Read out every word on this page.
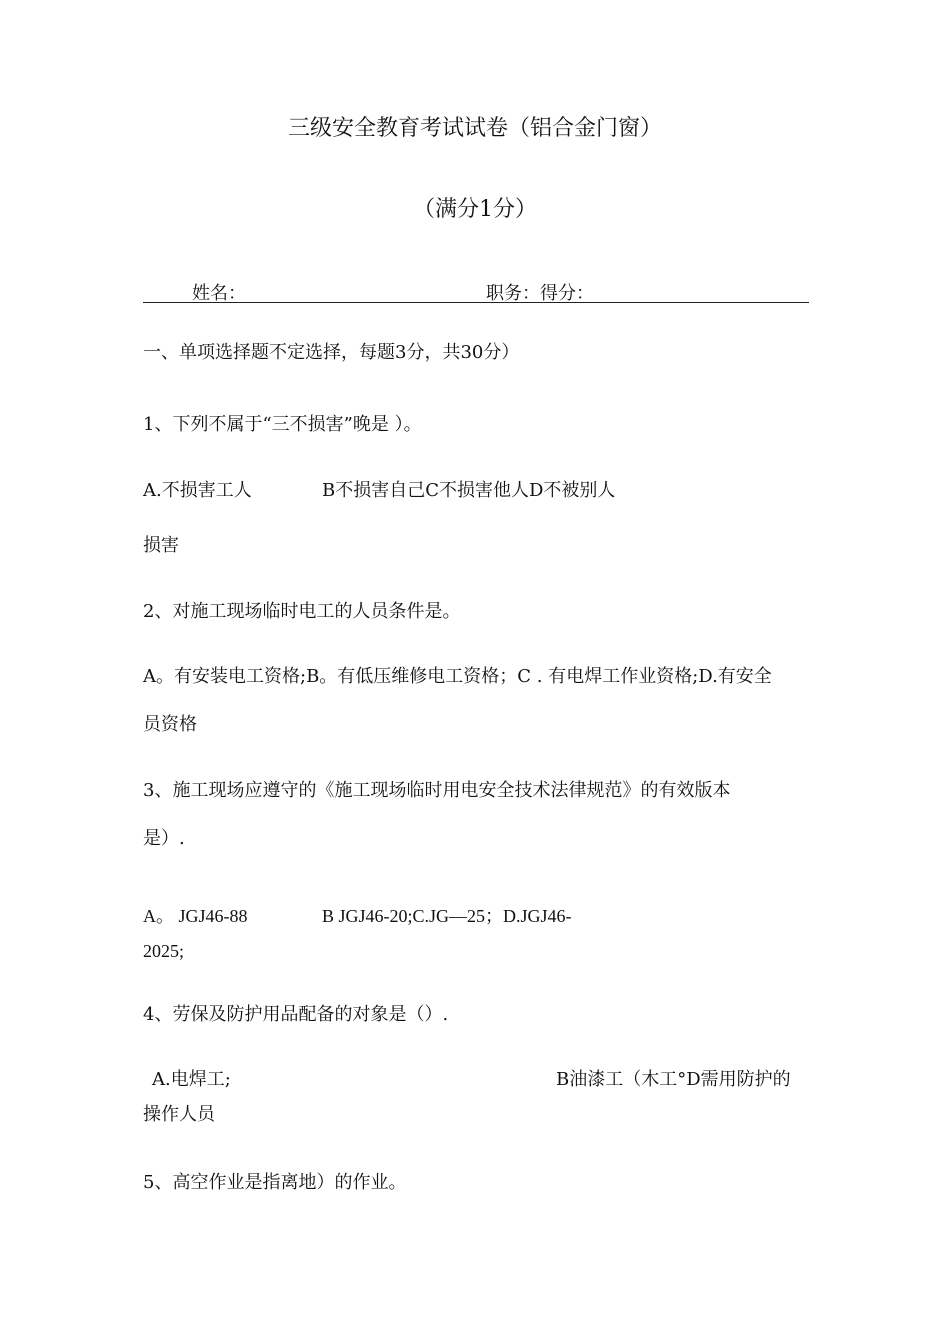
三级安全教育考试试卷（铝合金门窗）
（满分1分）
姓名：	职务：得分：
一、单项选择题不定选择，每题3分，共30分）
1、下列不属于“三不损害”晚是 ）。
A.不损害工人	B不损害自己C不损害他人D不被别人
损害
2、对施工现场临时电工的人员条件是。
A。有安装电工资格;B。有低压维修电工资格；C . 有电焊工作业资格;D.有安全
员资格
3、施工现场应遵守的《施工现场临时用电安全技术法律规范》的有效版本
是）.
A。 JGJ46-88	B JGJ46-20;C.JG—25；D.JGJ46-
2025;
4、劳保及防护用品配备的对象是（）.
A.电焊工;	B油漆工（木工°D需用防护的
操作人员
5、高空作业是指离地）的作业。
